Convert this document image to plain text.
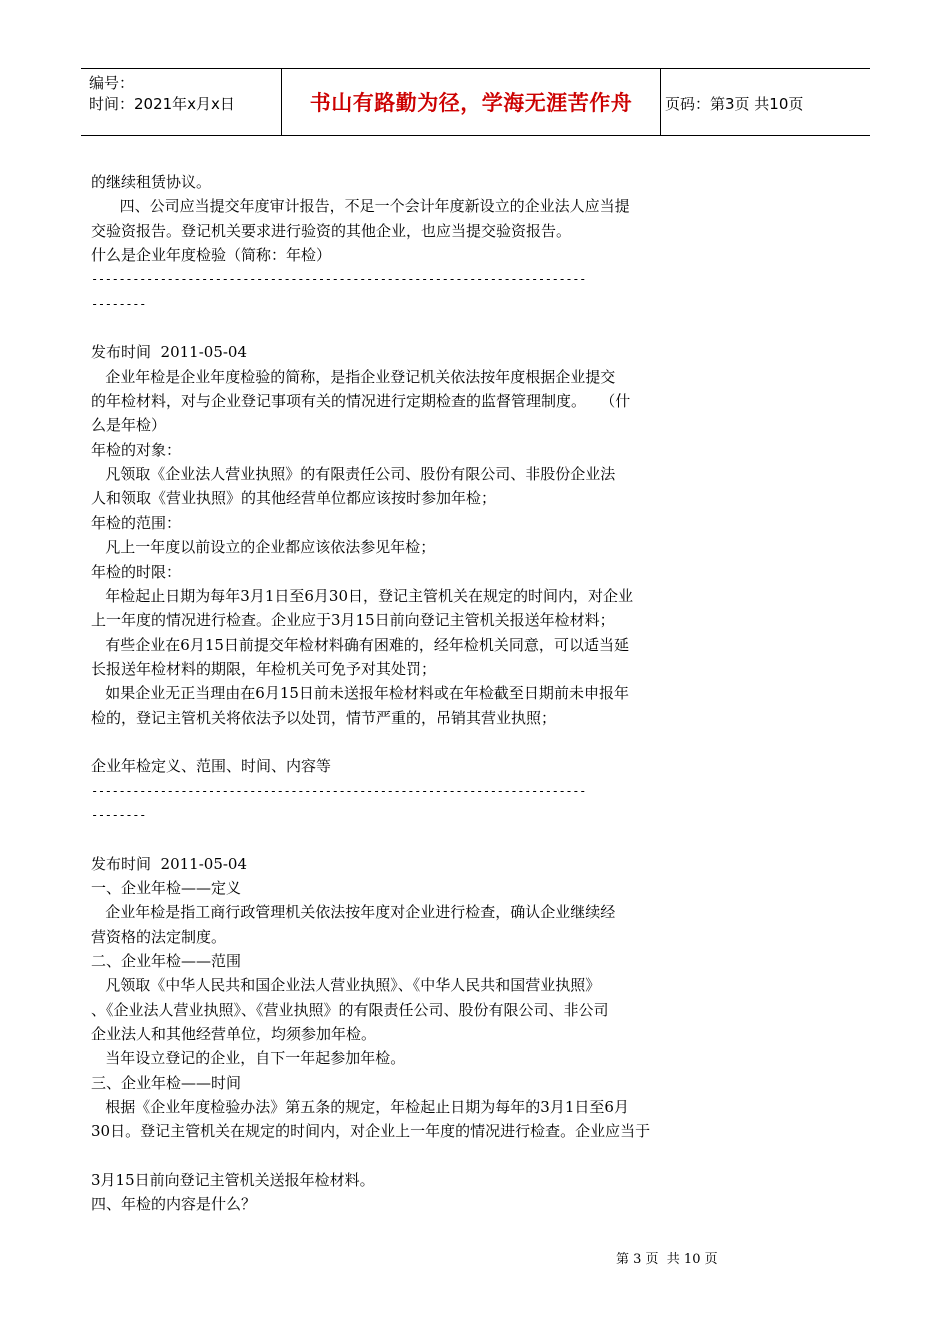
编号：
时间：2021年x月x日	书山有路勤为径，学海无涯苦作舟	页码：第3页 共10页
的继续租赁协议。
四、公司应当提交年度审计报告，不足一个会计年度新设立的企业法人应当提
交验资报告。登记机关要求进行验资的其他企业，也应当提交验资报告。
什么是企业年度检验（简称：年检）
------------------------------------------------------------------------
--------
发布时间  2011-05-04
企业年检是企业年度检验的简称，是指企业登记机关依法按年度根据企业提交
的年检材料，对与企业登记事项有关的情况进行定期检查的监督管理制度。   （什
么是年检）
年检的对象：
凡领取《企业法人营业执照》的有限责任公司、股份有限公司、非股份企业法
人和领取《营业执照》的其他经营单位都应该按时参加年检；
年检的范围：
凡上一年度以前设立的企业都应该依法参见年检；
年检的时限：
年检起止日期为每年3月1日至6月30日，登记主管机关在规定的时间内，对企业
上一年度的情况进行检查。企业应于3月15日前向登记主管机关报送年检材料；
有些企业在6月15日前提交年检材料确有困难的，经年检机关同意，可以适当延
长报送年检材料的期限，年检机关可免予对其处罚；
如果企业无正当理由在6月15日前未送报年检材料或在年检截至日期前未申报年
检的，登记主管机关将依法予以处罚，情节严重的，吊销其营业执照；
企业年检定义、范围、时间、内容等
------------------------------------------------------------------------
--------
发布时间  2011-05-04
一、企业年检——定义
企业年检是指工商行政管理机关依法按年度对企业进行检查，确认企业继续经
营资格的法定制度。
二、企业年检——范围
凡领取《中华人民共和国企业法人营业执照》、《中华人民共和国营业执照》
、《企业法人营业执照》、《营业执照》的有限责任公司、股份有限公司、非公司
企业法人和其他经营单位，均须参加年检。
当年设立登记的企业，自下一年起参加年检。
三、企业年检——时间
根据《企业年度检验办法》第五条的规定，年检起止日期为每年的3月1日至6月
30日。登记主管机关在规定的时间内，对企业上一年度的情况进行检查。企业应当于
3月15日前向登记主管机关送报年检材料。
四、年检的内容是什么？
第 3 页  共 10 页
